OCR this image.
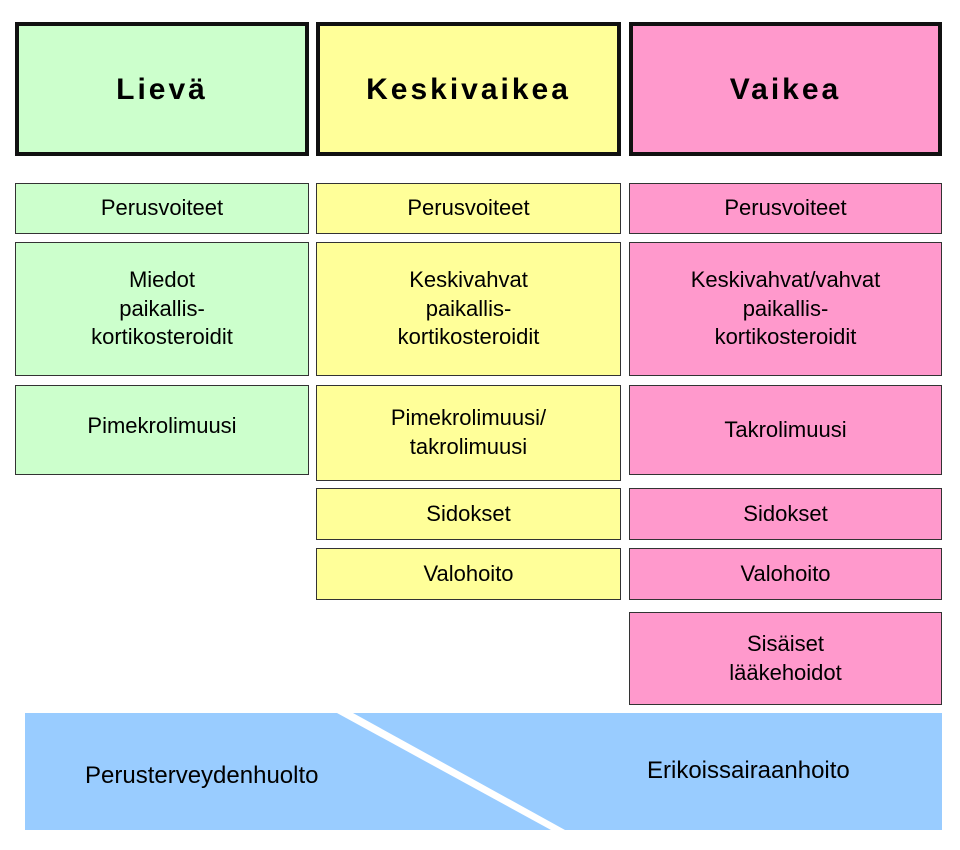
Lievä
Perusvoiteet
Miedot
paikallis-
kortikosteroidit
Pimekrolimuusi
Keskivaikea
Perusvoiteet
Keskivahvat
paikallis-
kortikosteroidit
Pimekrolimuusi/
takrolimuusi
Sidokset
Valohoito
Vaikea
Perusvoiteet
Keskivahvat/vahvat
paikallis-
kortikosteroidit
Takrolimuusi
Sidokset
Valohoito
Sisäiset
lääkehoidot
Perusterveydenhuolto	Erikoissairaanhoito
